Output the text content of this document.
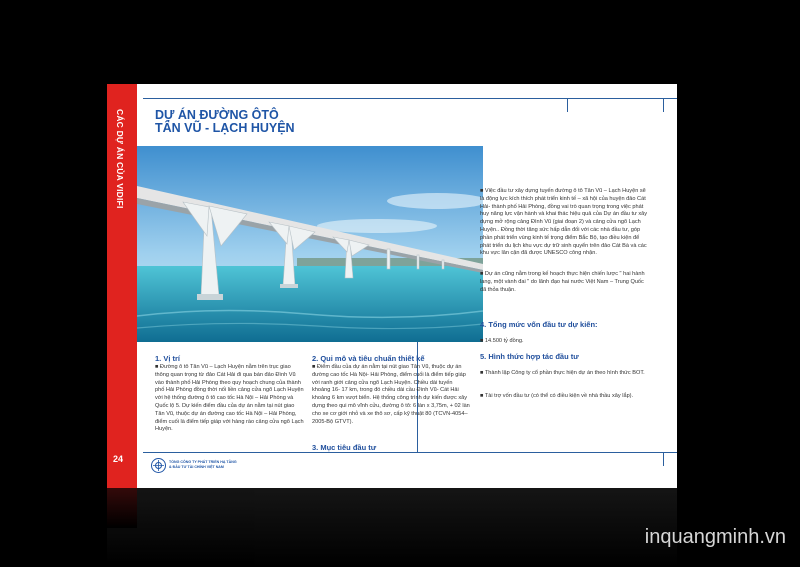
CÁC DỰ ÁN CỦA VIDIFI
24
DỰ ÁN ĐƯỜNG ÔTÔ
TÂN VŨ - LẠCH HUYỆN
1. Vị trí
■ Đường ô tô Tân Vũ – Lạch Huyện nằm trên trục giao thông quan trọng từ đảo Cát Hải đi qua bán đảo Đình Vũ vào thành phố Hải Phòng theo quy hoạch chung của thành phố Hải Phòng đồng thời nối liền cảng cửa ngõ Lạch Huyện với hệ thống đường ô tô cao tốc Hà Nội – Hải Phòng và Quốc lộ 5. Dự kiến điểm đầu của dự án nằm tại nút giao Tân Vũ, thuộc dự án đường cao tốc Hà Nội – Hải Phòng, điểm cuối là điểm tiếp giáp với hàng rào cảng cửa ngõ Lạch Huyện.
2. Qui mô và tiêu chuẩn thiết kế
■ Điểm đầu của dự án nằm tại nút giao Tân Vũ, thuộc dự án đường cao tốc Hà Nội- Hải Phòng, điểm cuối là điểm tiếp giáp với ranh giới cảng cửa ngõ Lạch Huyện. Chiều dài tuyến khoảng 16- 17 km, trong đó chiều dài cầu Đình Vũ- Cát Hải khoảng 6 km vượt biển. Hệ thống công trình dự kiến được xây dựng theo qui mô vĩnh cửu, đường ô tô: 6 làn x 3,75m, + 02 làn cho xe cơ giới nhỏ và xe thô sơ, cấp kỹ thuật 80 (TCVN-4054–2005-Bộ GTVT).
3. Mục tiêu đầu tư
■ Việc đầu tư xây dựng tuyến đường ô tô Tân Vũ – Lạch Huyện sẽ là động lực kích thích phát triển kinh tế – xã hội của huyện đảo Cát Hải- thành phố Hải Phòng, đồng vai trò quan trọng trong việc phát huy năng lực vận hành và khai thác hiệu quả của Dự án đầu tư xây dựng mở rộng cảng Đình Vũ (giai đoạn 2) và cảng cửa ngõ Lạch Huyện.. Đồng thời tăng sức hấp dẫn đối với các nhà đầu tư, góp phần phát triển vùng kinh tế trọng điểm Bắc Bộ, tạo điều kiện để phát triển du lịch khu vực dự trữ sinh quyển trên đảo Cát Bà và các khu vực lân cận đã được UNESCO công nhận.
■ Dự án cũng nằm trong kế hoạch thực hiện chiến lược " hai hành lang, một vành đai " do lãnh đạo hai nước Việt Nam – Trung Quốc đã thỏa thuận.
4. Tổng mức vốn đầu tư dự kiến:
■ 14.500 tỷ đồng.
5. Hình thức hợp tác đầu tư
■ Thành lập Công ty cổ phần thực hiện dự án theo hình thức BOT.
■ Tài trợ vốn đầu tư (có thể có điều kiện về nhà thầu xây lắp).
TỔNG CÔNG TY PHÁT TRIỂN HẠ TẦNG
& ĐẦU TƯ TÀI CHÍNH VIỆT NAM
inquangminh.vn
